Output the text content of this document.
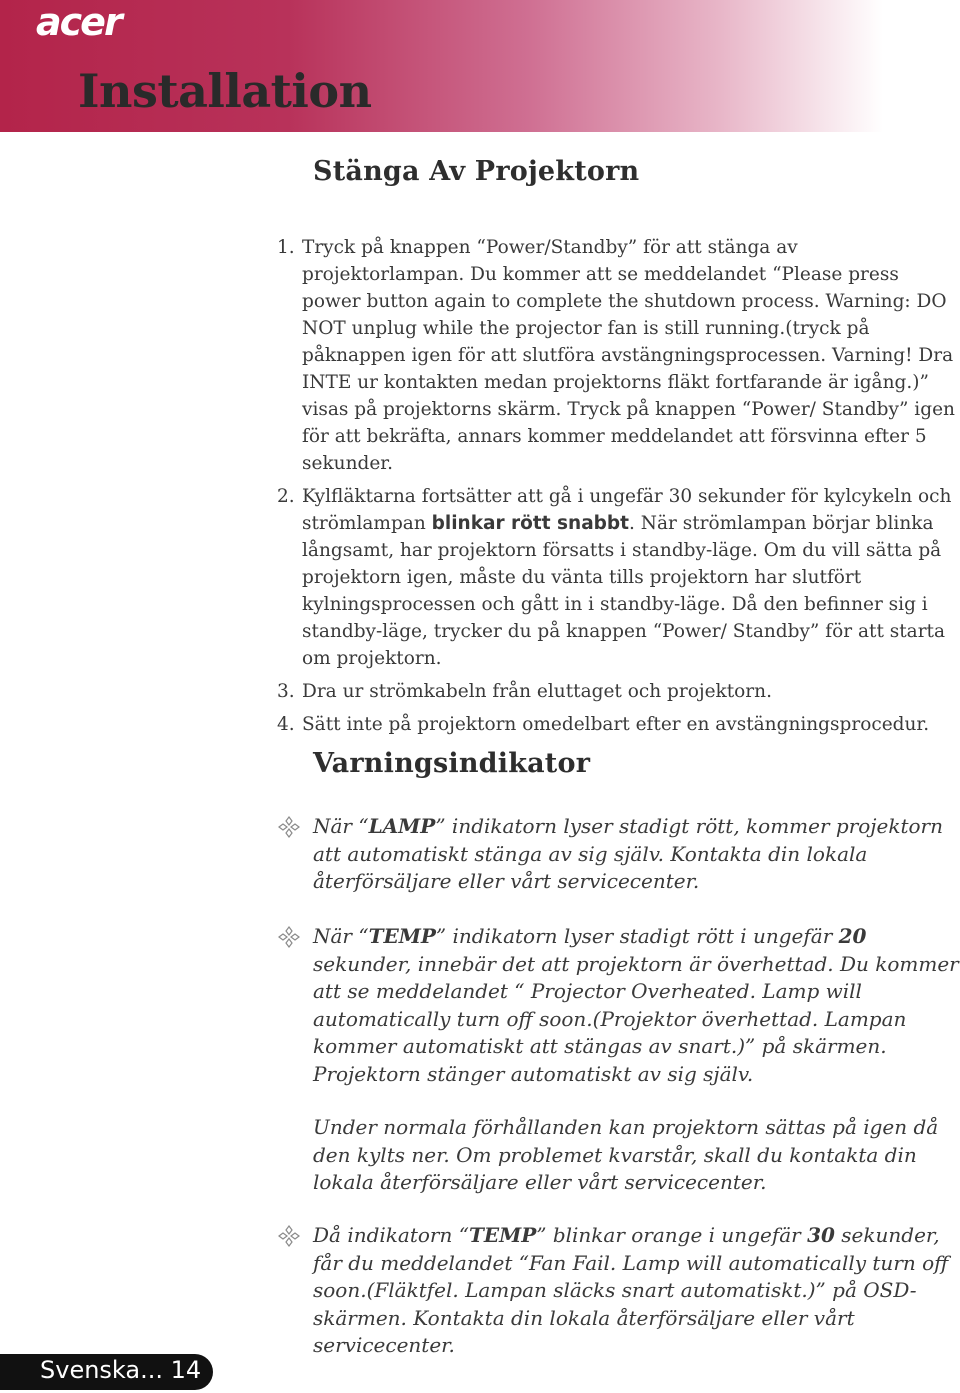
acer
Installation
Stänga Av Projektorn

1. Tryck på knappen “Power/Standby” för att stänga av projektorlampan. Du kommer att se meddelandet “Please press power button again to complete the shutdown process. Warning: DO NOT unplug while the projector fan is still running.(tryck på påknappen igen för att slutföra avstängningsprocessen. Varning! Dra INTE ur kontakten medan projektorns fläkt fortfarande är igång.)” visas på projektorns skärm. Tryck på knappen “Power/ Standby” igen för att bekräfta, annars kommer meddelandet att försvinna efter 5 sekunder.

2. Kylfläktarna fortsätter att gå i ungefär 30 sekunder för kylcykeln och strömlampan blinkar rött snabbt. När strömlampan börjar blinka långsamt, har projektorn försatts i standby-läge. Om du vill sätta på projektorn igen, måste du vänta tills projektorn har slutfört kylningsprocessen och gått in i standby-läge. Då den befinner sig i standby-läge, trycker du på knappen “Power/ Standby” för att starta om projektorn.

3. Dra ur strömkabeln från eluttaget och projektorn.

4. Sätt inte på projektorn omedelbart efter en avstängningsprocedur.

Varningsindikator

När “LAMP” indikatorn lyser stadigt rött, kommer projektorn att automatiskt stänga av sig själv. Kontakta din lokala återförsäljare eller vårt servicecenter.

När “TEMP” indikatorn lyser stadigt rött i ungefär 20 sekunder, innebär det att projektorn är överhettad. Du kommer att se meddelandet “ Projector Overheated. Lamp will automatically turn off soon.(Projektor överhettad. Lampan kommer automatiskt att stängas av snart.)” på skärmen. Projektorn stänger automatiskt av sig själv.

Under normala förhållanden kan projektorn sättas på igen då den kylts ner. Om problemet kvarstår, skall du kontakta din lokala återförsäljare eller vårt servicecenter.

Då indikatorn “TEMP” blinkar orange i ungefär 30 sekunder, får du meddelandet “Fan Fail. Lamp will automatically turn off soon.(Fläktfel. Lampan släcks snart automatiskt.)” på OSD-skärmen. Kontakta din lokala återförsäljare eller vårt servicecenter.

Svenska... 14
